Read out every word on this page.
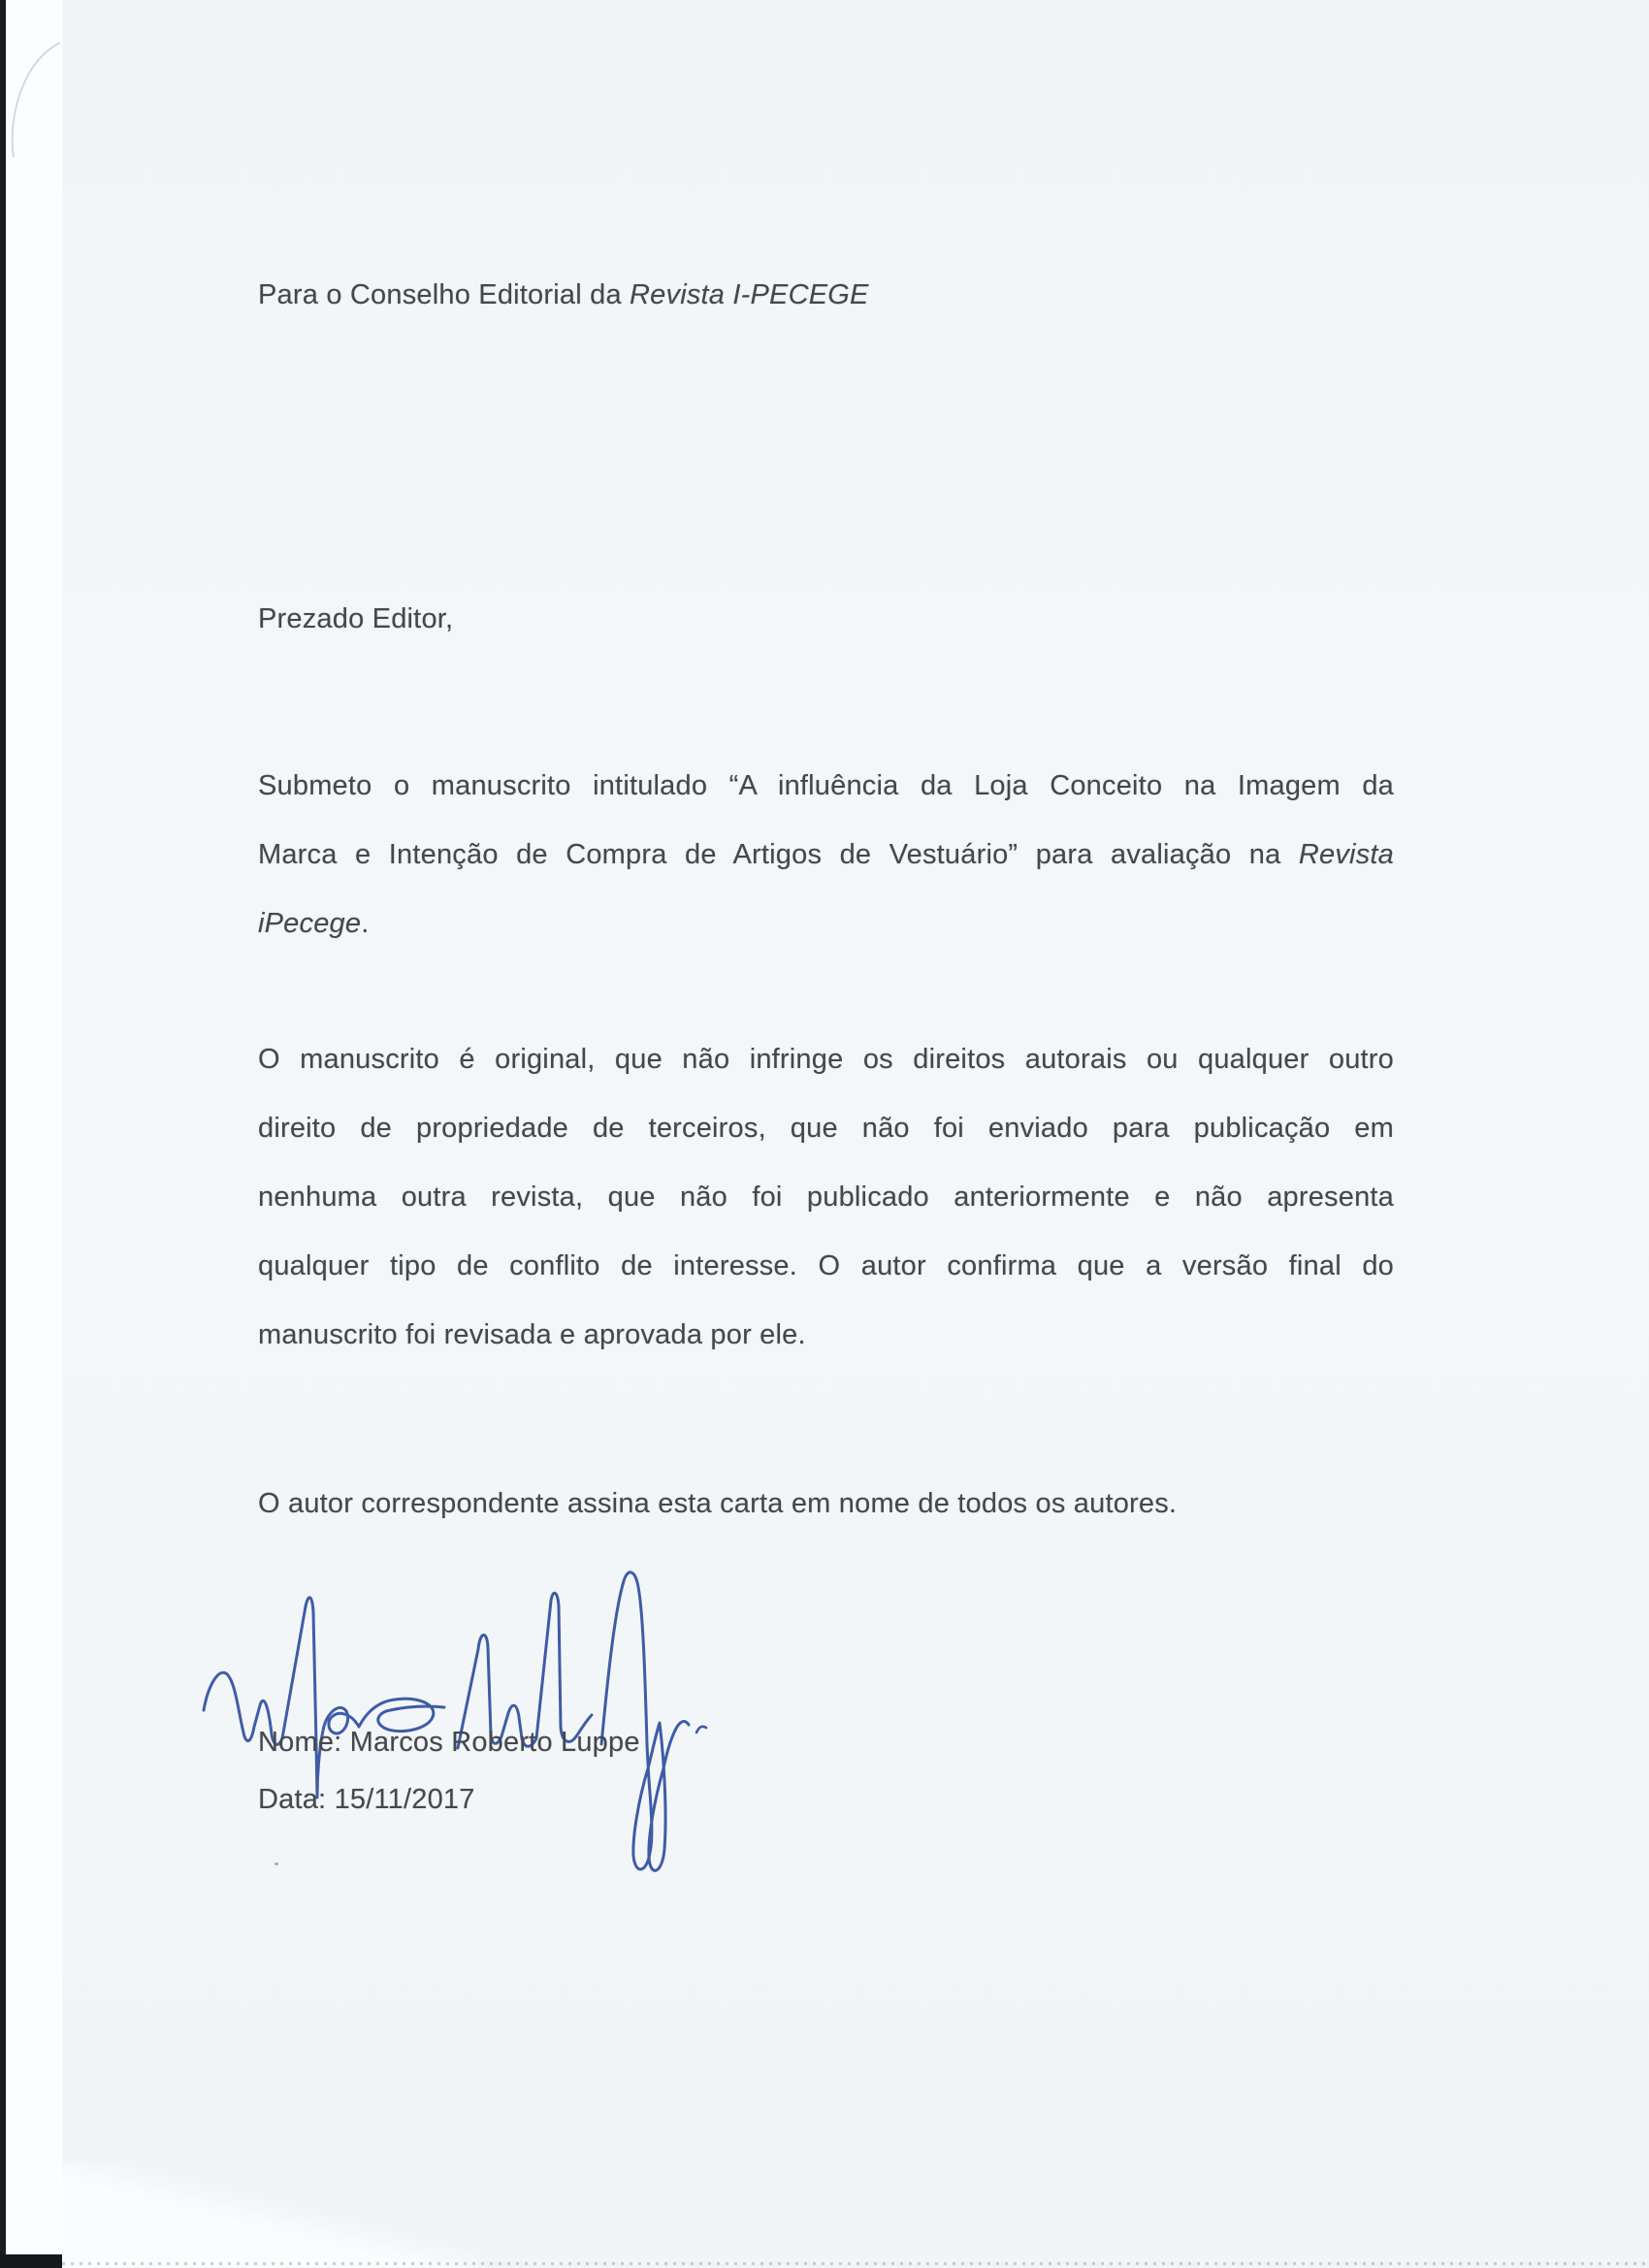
Para o Conselho Editorial da Revista I-PECEGE
Prezado Editor,
Submeto o manuscrito intitulado “A influência da Loja Conceito na Imagem da
Marca e Intenção de Compra de Artigos de Vestuário” para avaliação na Revista
iPecege.
O manuscrito é original, que não infringe os direitos autorais ou qualquer outro
direito de propriedade de terceiros, que não foi enviado para publicação em
nenhuma outra revista, que não foi publicado anteriormente e não apresenta
qualquer tipo de conflito de interesse. O autor confirma que a versão final do
manuscrito foi revisada e aprovada por ele.
O autor correspondente assina esta carta em nome de todos os autores.
Nome: Marcos Roberto Luppe
Data: 15/11/2017
